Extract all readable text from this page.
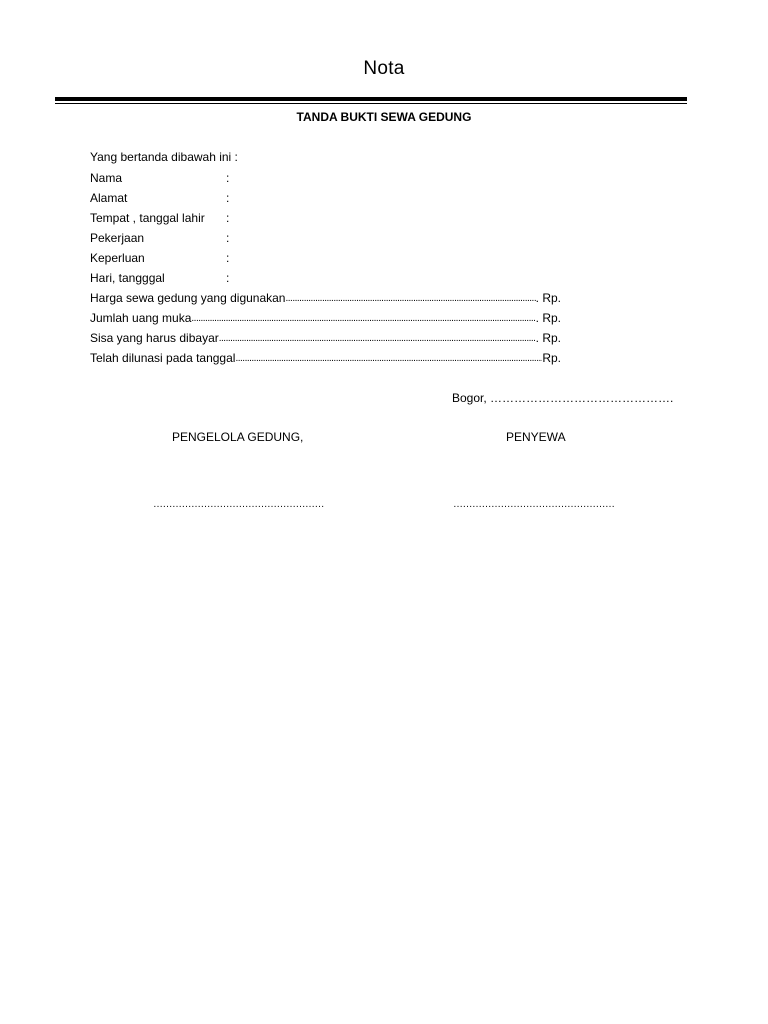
Nota
TANDA BUKTI SEWA GEDUNG
Yang bertanda dibawah ini :
Nama	:
Alamat	:
Tempat , tanggal lahir :
Pekerjaan	:
Keperluan	:
Hari, tangggal	:
Harga sewa gedung yang digunakan .....	. Rp.
Jumlah uang muka .....	. Rp.
Sisa yang harus dibayar .....	. Rp.
Telah dilunasi pada tanggal .....	Rp.
Bogor, ……………………………………….
PENGELOLA GEDUNG,	PENYEWA
………………………………………………	……………………………………………
